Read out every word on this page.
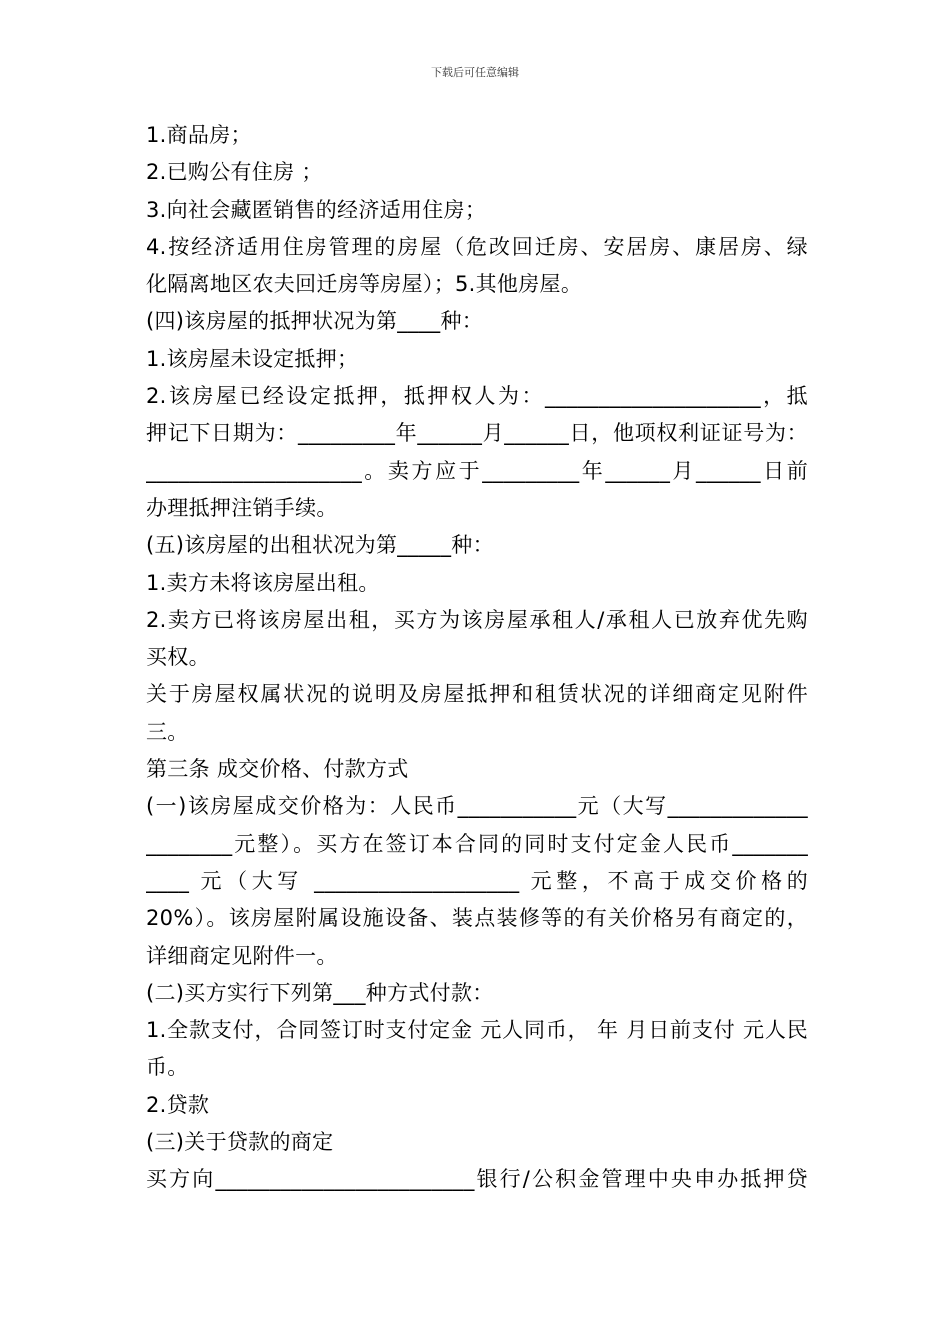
下载后可任意编辑
1.商品房；
2.已购公有住房 ；
3.向社会藏匿销售的经济适用住房；
4.按经济适用住房管理的房屋（危改回迁房、安居房、康居房、绿
化隔离地区农夫回迁房等房屋）；5.其他房屋。
(四)该房屋的抵押状况为第____种：
1.该房屋未设定抵押；
2.该房屋已经设定抵押，抵押权人为：____________________，抵
押记下日期为：_________年______月______日，他项权利证证号为：
____________________。卖方应于_________年______月______日前
办理抵押注销手续。
(五)该房屋的出租状况为第_____种：
1.卖方未将该房屋出租。
2.卖方已将该房屋出租，买方为该房屋承租人/承租人已放弃优先购
买权。
关于房屋权属状况的说明及房屋抵押和租赁状况的详细商定见附件
三。
第三条 成交价格、付款方式
(一)该房屋成交价格为：人民币___________元（大写_____________
________元整）。买方在签订本合同的同时支付定金人民币_______
____ 元（大写 ___________________ 元整，不高于成交价格的
20%）。该房屋附属设施设备、装点装修等的有关价格另有商定的，
详细商定见附件一。
(二)买方实行下列第___种方式付款：
1.全款支付，合同签订时支付定金 元人同币， 年 月日前支付 元人民
币。
2.贷款
(三)关于贷款的商定
买方向________________________银行/公积金管理中央申办抵押贷
